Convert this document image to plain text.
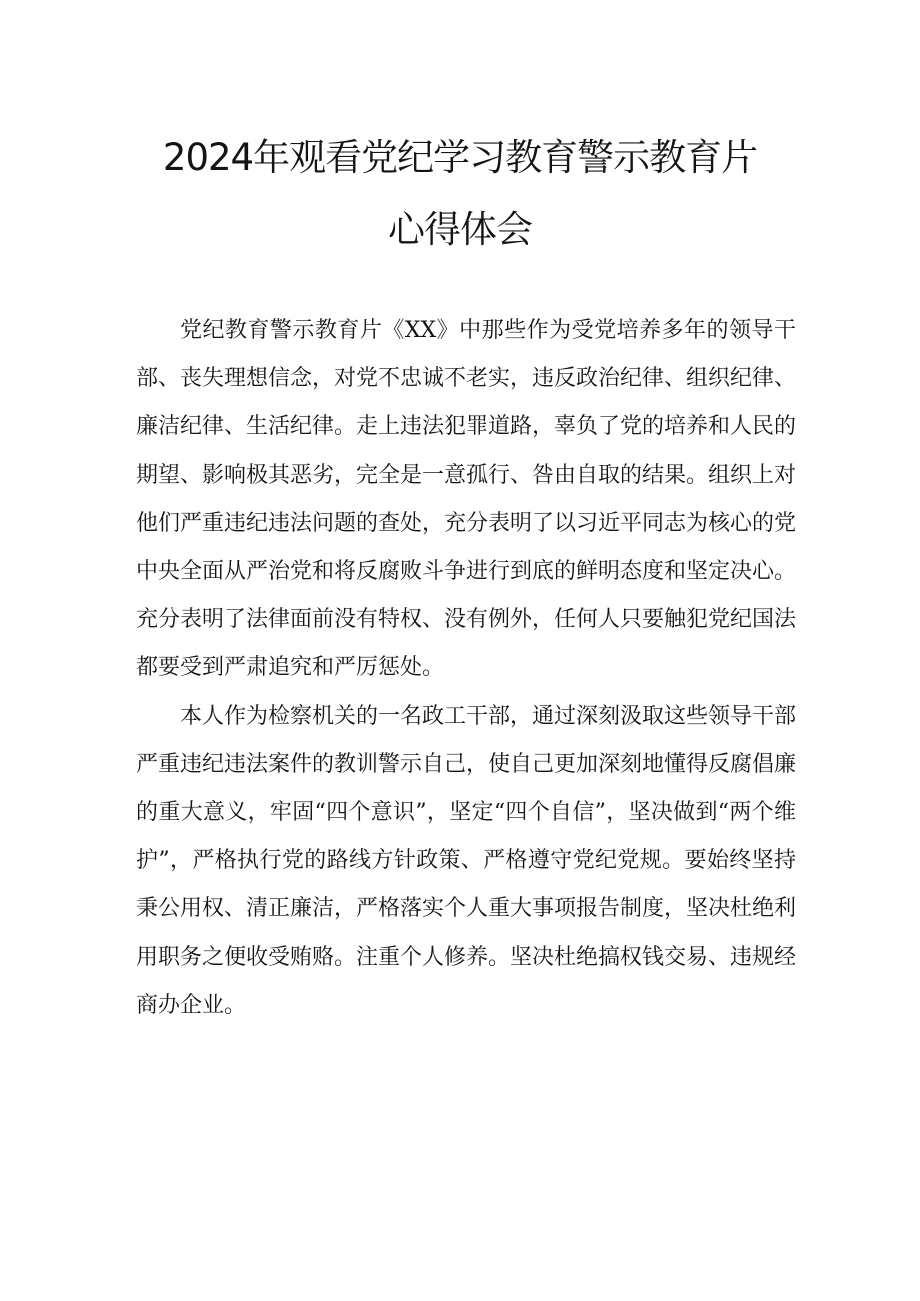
2024年观看党纪学习教育警示教育片
心得体会

党纪教育警示教育片《XX》中那些作为受党培养多年的领导干部、丧失理想信念，对党不忠诚不老实，违反政治纪律、组织纪律、廉洁纪律、生活纪律。走上违法犯罪道路，辜负了党的培养和人民的期望、影响极其恶劣，完全是一意孤行、咎由自取的结果。组织上对他们严重违纪违法问题的查处，充分表明了以习近平同志为核心的党中央全面从严治党和将反腐败斗争进行到底的鲜明态度和坚定决心。充分表明了法律面前没有特权、没有例外，任何人只要触犯党纪国法都要受到严肃追究和严厉惩处。

本人作为检察机关的一名政工干部，通过深刻汲取这些领导干部严重违纪违法案件的教训警示自己，使自己更加深刻地懂得反腐倡廉的重大意义，牢固“四个意识”，坚定“四个自信”，坚决做到“两个维护”，严格执行党的路线方针政策、严格遵守党纪党规。要始终坚持秉公用权、清正廉洁，严格落实个人重大事项报告制度，坚决杜绝利用职务之便收受贿赂。注重个人修养。坚决杜绝搞权钱交易、违规经商办企业。
